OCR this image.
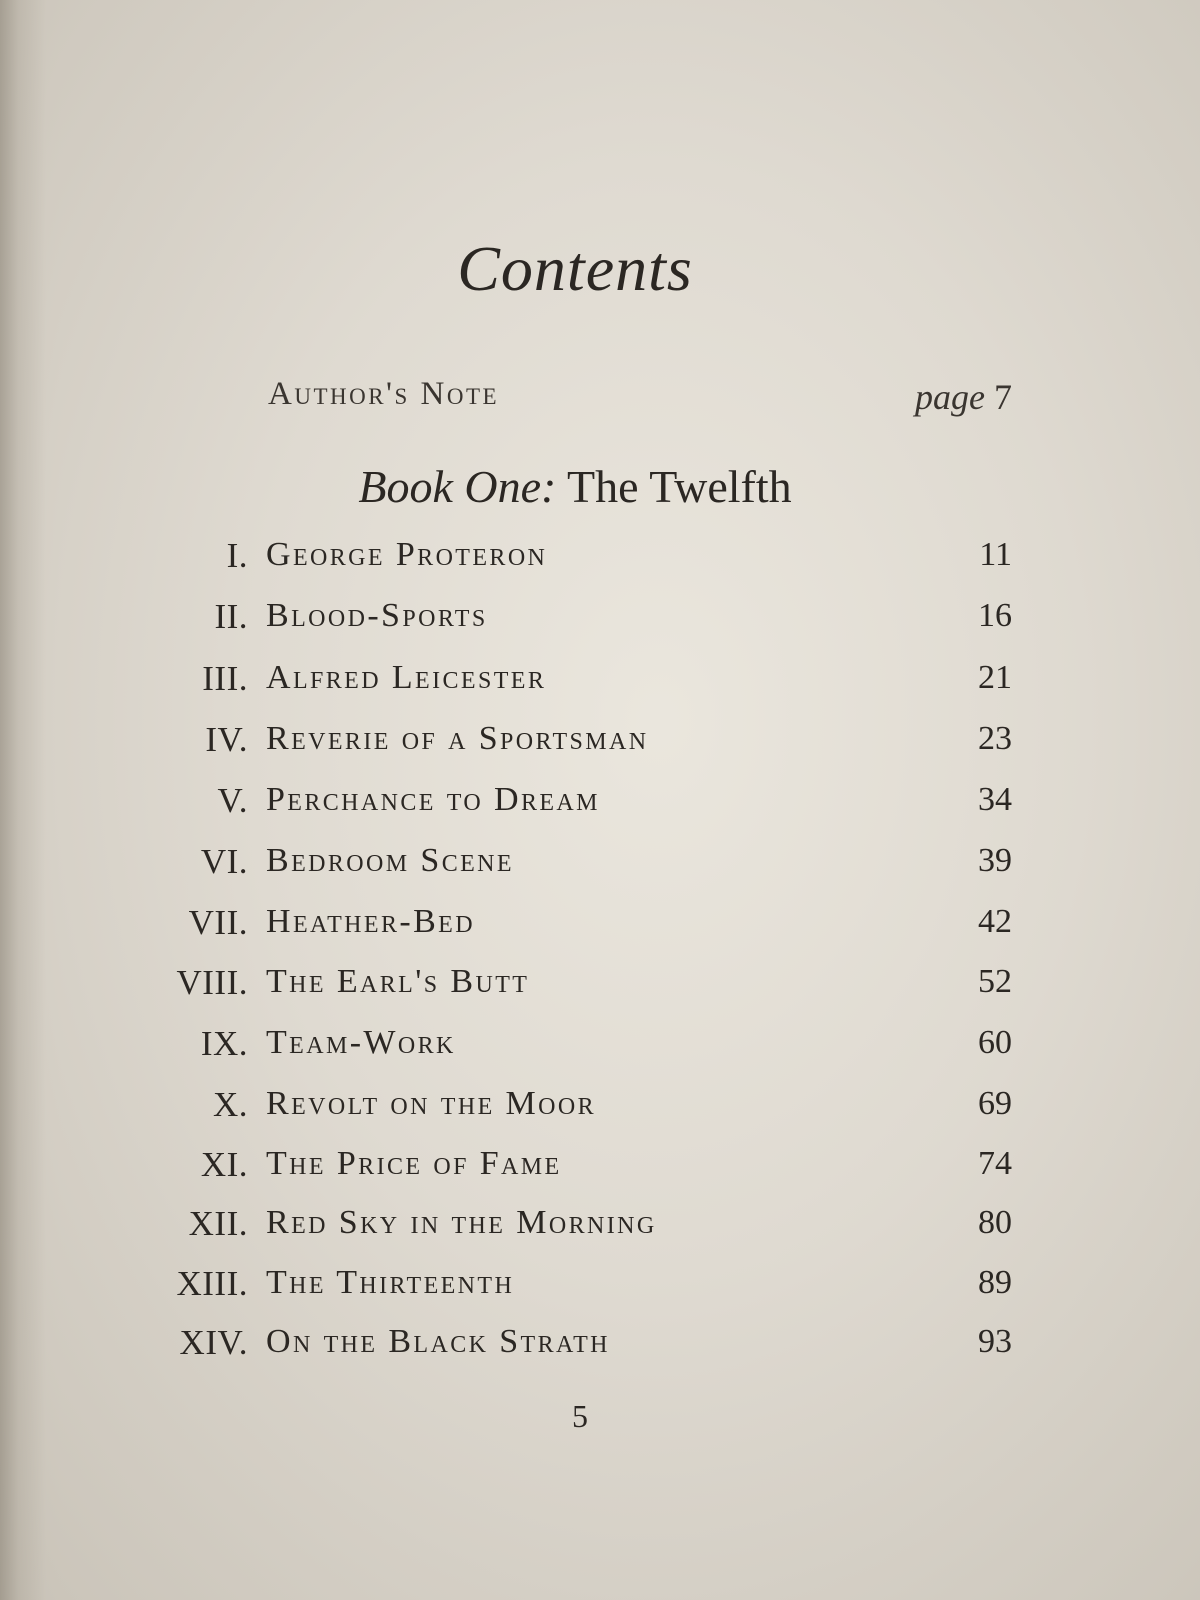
Contents
Author's Note	page 7
Book One: The Twelfth
I. George Proteron	11
II. Blood-Sports	16
III. Alfred Leicester	21
IV. Reverie of a Sportsman	23
V. Perchance to Dream	34
VI. Bedroom Scene	39
VII. Heather-Bed	42
VIII. The Earl's Butt	52
IX. Team-Work	60
X. Revolt on the Moor	69
XI. The Price of Fame	74
XII. Red Sky in the Morning	80
XIII. The Thirteenth	89
XIV. On the Black Strath	93
5
